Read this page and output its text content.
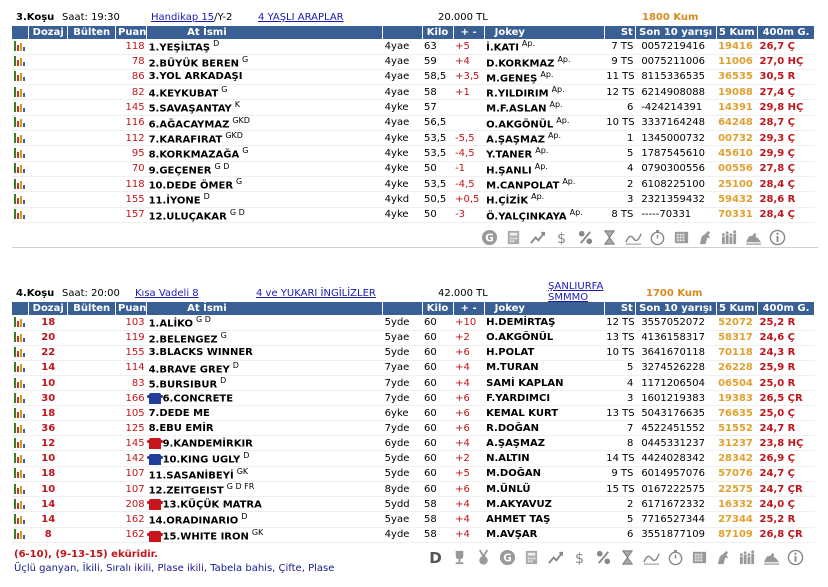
3.Koşu Saat: 19:30	Handikap 15/Y-2	4 YAŞLI ARAPLAR	20.000 TL	1800 Kum
	Dozaj	Bülten	Puan	At İsmi		Kilo	+ -	Jokey	St	Son 10 yarışı	5 Kum	400m G.

			118	1.YEŞİLTAŞ $^D$	4yae	63	+5	İ.KATI $^{Ap.}$	7 TS	0057219416	19416	26,7 Ç

			78	2.BÜYÜK BEREN $^G$	4yae	59	+4	D.KORKMAZ $^{Ap.}$	9 TS	0075211006	11006	27,0 HÇ

			86	3.YOL ARKADAŞI	4yae	58,5	+3,5	M.GENEŞ $^{Ap.}$	11 TS	8115336535	36535	30,5 R

			82	4.KEYKUBAT $^G$	4yae	58	+1	R.YILDIRIM $^{Ap.}$	12 TS	6214908088	19088	27,4 Ç

			145	5.SAVAŞANTAY $^K$	4yke	57		M.F.ASLAN $^{Ap.}$	6	-424214391	14391	29,8 HÇ

			116	6.AĞACAYMAZ $^{GKD}$	4yae	56,5		O.AKGÖNÜL $^{Ap.}$	10 TS	3337164248	64248	28,7 Ç

			112	7.KARAFIRAT $^{GKD}$	4yke	53,5	-5,5	A.ŞAŞMAZ $^{Ap.}$	1	1345000732	00732	29,3 Ç

			95	8.KORKMAZAĞA $^G$	4yke	53,5	-4,5	Y.TANER $^{Ap.}$	5	1787545610	45610	29,9 Ç

			70	9.GEÇENER $^{G D}$	4yke	50	-1	H.ŞANLI $^{Ap.}$	4	0790300556	00556	27,8 Ç

			118	10.DEDE ÖMER $^G$	4yke	53,5	-4,5	M.CANPOLAT $^{Ap.}$	2	6108225100	25100	28,4 Ç

			155	11.İYONE $^D$	4ykd	50,5	+0,5	H.ÇİZİK $^{Ap.}$	3	2321359432	59432	28,6 R

			157	12.ULUÇAKAR $^{G D}$	4yke	50	-3	Ö.YALÇINKAYA $^{Ap.}$	8 TS	-----70331	70331	28,4 Ç
G	$
4.Koşu Saat: 20:00 Kısa Vadeli 8	4 ve YUKARI İNGİLİZLER	42.000 TL
ŞANLIURFA
SMMMO	1700 Kum
	Dozaj	Bülten	Puan	At İsmi		Kilo	+ -	Jokey	St	Son 10 yarışı	5 Kum	400m G.

	18		103	1.ALİKO $^{G D}$	5yde	60	+10	H.DEMİRTAŞ	12 TS	3557052072	52072	25,2 R

	20		119	2.BELENGEZ $^G$	5yae	60	+2	O.AKGÖNÜL	13 TS	4136158317	58317	24,6 Ç

	22		155	3.BLACKS WINNER	5yde	60	+6	H.POLAT	10 TS	3641670118	70118	24,3 R

	14		114	4.BRAVE GREY $^D$	7yae	60	+4	M.TURAN	5	3274526228	26228	25,9 R

	10		83	5.BURSIBUR $^D$	7yde	60	+4	SAMİ KAPLAN	4	1171206504	06504	25,0 R

	30		166	6.CONCRETE	7yde	60	+6	F.YARDIMCI	3	1601219383	19383	26,5 ÇR

	18		105	7.DEDE ME	6yke	60	+6	KEMAL KURT	13 TS	5043176635	76635	25,0 Ç

	36		125	8.EBU EMİR	7yde	60	+6	R.DOĞAN	7	4522451552	51552	24,7 R

	12		145	9.KANDEMİRKIR	6yde	60	+4	A.ŞAŞMAZ	8	0445331237	31237	23,8 HÇ

	10		142	10.KING UGLY $^D$	5yde	60	+2	N.ALTIN	14 TS	4424028342	28342	26,9 Ç

	18		107	11.SASANİBEYİ $^{GK}$	5yde	60	+5	M.DOĞAN	9 TS	6014957076	57076	24,7 Ç

	10		107	12.ZEITGEIST $^{G D FR}$	8yde	60	+6	M.ÜNLÜ	15 TS	0167222575	22575	24,7 ÇR

	14		208	13.KÜÇÜK MATRA	5ydd	58	+4	M.AKYAVUZ	2	6171672332	16332	24,0 Ç

	14		162	14.ORADINARIO $^D$	5yae	58	+4	AHMET TAŞ	5	7716527344	27344	25,2 R

	8		162	15.WHITE IRON $^{GK}$	4yde	58	+4	M.AVŞAR	6	3551877109	87109	26,8 ÇR
D	G	$
(6-10), (9-13-15) eküridir.
Üçlü ganyan, İkili, Sıralı ikili, Plase ikili, Tabela bahis, Çifte, Plase
